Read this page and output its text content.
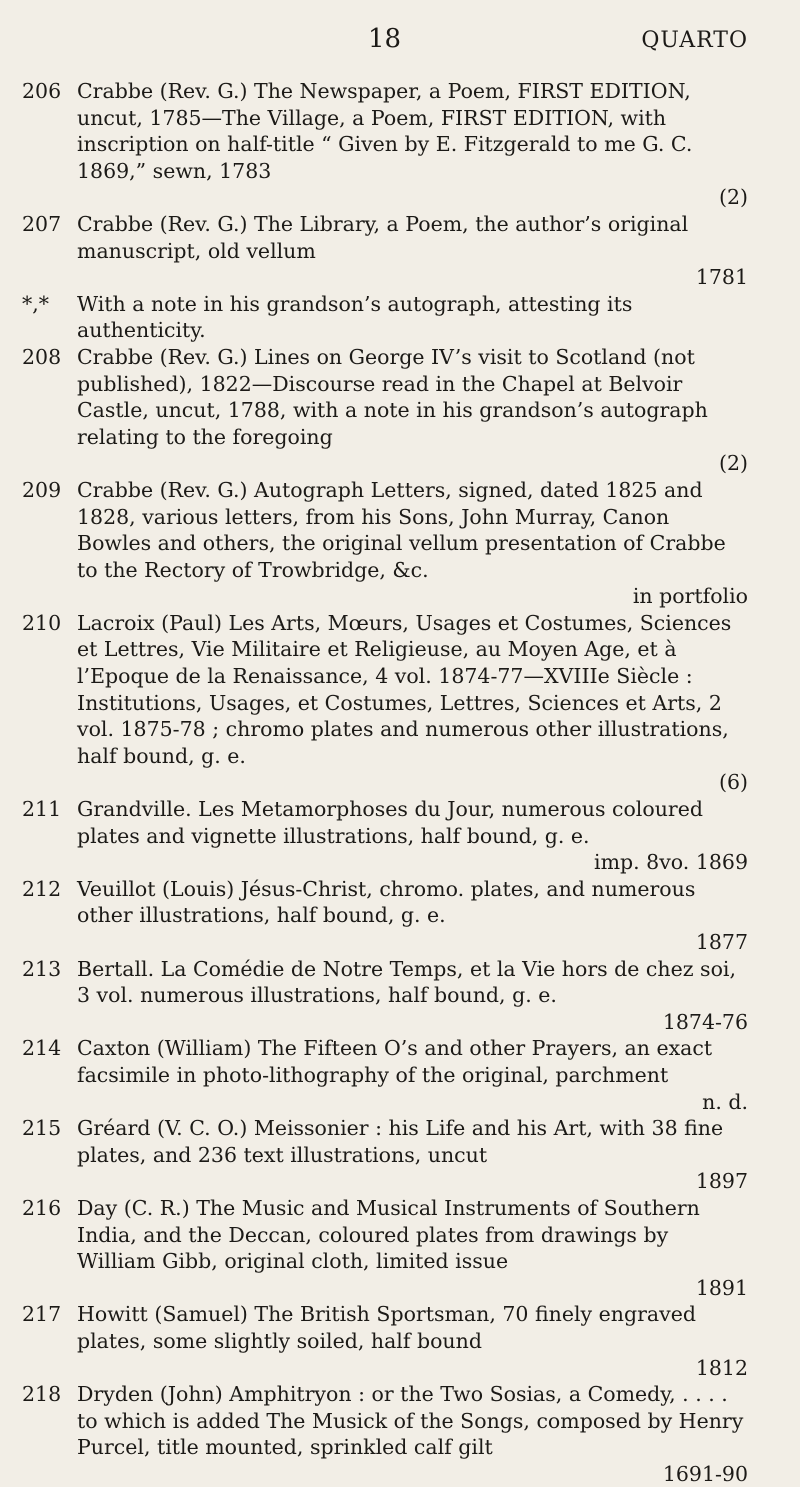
18	QUARTO
206 Crabbe (Rev. G.) The Newspaper, a Poem, FIRST EDITION, uncut, 1785—The Village, a Poem, FIRST EDITION, with inscription on half-title “ Given by E. Fitzgerald to me G. C. 1869,” sewn, 1783
(2)
207 Crabbe (Rev. G.) The Library, a Poem, the author’s original manuscript, old vellum
1781
*,* With a note in his grandson’s autograph, attesting its authenticity.
208 Crabbe (Rev. G.) Lines on George IV’s visit to Scotland (not published), 1822—Discourse read in the Chapel at Belvoir Castle, uncut, 1788, with a note in his grandson’s autograph relating to the foregoing
(2)
209 Crabbe (Rev. G.) Autograph Letters, signed, dated 1825 and 1828, various letters, from his Sons, John Murray, Canon Bowles and others, the original vellum presentation of Crabbe to the Rectory of Trowbridge, &c.
in portfolio
210 Lacroix (Paul) Les Arts, Mœurs, Usages et Costumes, Sciences et Lettres, Vie Militaire et Religieuse, au Moyen Age, et à l’Epoque de la Renaissance, 4 vol. 1874-77—XVIIIe Siècle : Institutions, Usages, et Costumes, Lettres, Sciences et Arts, 2 vol. 1875-78 ; chromo plates and numerous other illustrations, half bound, g. e.
(6)
211 Grandville. Les Metamorphoses du Jour, numerous coloured plates and vignette illustrations, half bound, g. e.
imp. 8vo. 1869
212 Veuillot (Louis) Jésus-Christ, chromo. plates, and numerous other illustrations, half bound, g. e.
1877
213 Bertall. La Comédie de Notre Temps, et la Vie hors de chez soi, 3 vol. numerous illustrations, half bound, g. e.
1874-76
214 Caxton (William) The Fifteen O’s and other Prayers, an exact facsimile in photo-lithography of the original, parchment
n. d.
215 Gréard (V. C. O.) Meissonier : his Life and his Art, with 38 fine plates, and 236 text illustrations, uncut
1897
216 Day (C. R.) The Music and Musical Instruments of Southern India, and the Deccan, coloured plates from drawings by William Gibb, original cloth, limited issue
1891
217 Howitt (Samuel) The British Sportsman, 70 finely engraved plates, some slightly soiled, half bound
1812
218 Dryden (John) Amphitryon : or the Two Sosias, a Comedy, . . . . to which is added The Musick of the Songs, composed by Henry Purcel, title mounted, sprinkled calf gilt
1691-90
